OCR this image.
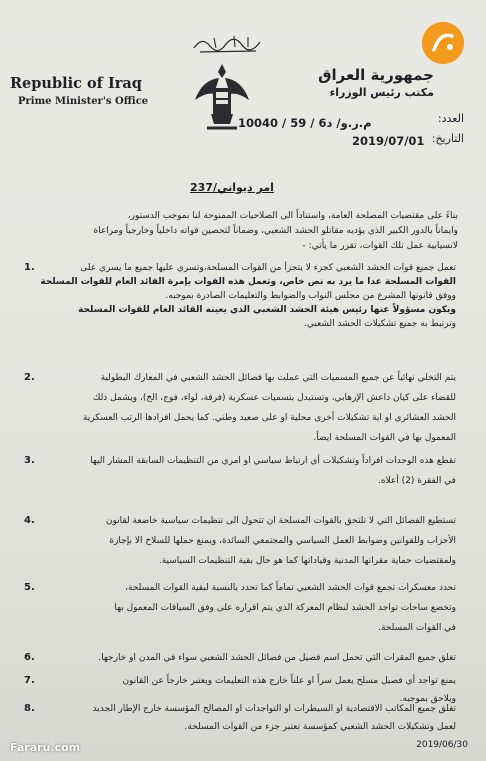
Republic of Iraq
Prime Minister's Office
جمهورية العراق
مكتب رئيس الوزراء
العدد:
م.ر.و/ د6 / 59 / 10040
التاريخ:
2019/07/01
امر ديواني/237
بناءً على مقتضيات المصلحة العامة، واستناداً الى الصلاحيات الممنوحة لنا بموجب الدستور،
وايماناً بالدور الكبير الذي يؤديه مقاتلو الحشد الشعبي، وضماناً لتحصين قواته داخلياً وخارجياً ومراعاة
لانسيابية عمل تلك القوات، تقرر ما يأتي: -
1.	تعمل جميع قوات الحشد الشعبي كجزء لا يتجزأ من القوات المسلحة،وتسري عليها جميع ما يسري على
القوات المسلحة عدا ما يرد به نص خاص، وتعمل هذه القوات بإمرة القائد العام للقوات المسلحة
ووفق قانونها المشرع من مجلس النواب والضوابط والتعليمات الصادرة بموجبه.
ويكون مسؤولاً عنها رئيس هيئة الحشد الشعبي الذي يعينه القائد العام للقوات المسلحة
وترتبط به جميع تشكيلات الحشد الشعبي.
2.	يتم التخلي نهائياً عن جميع المسميات التي عملت بها فصائل الحشد الشعبي في المعارك البطولية
للقضاء على كيان داعش الإرهابي، وتستبدل بتسميات عسكرية (فرقة، لواء، فوج، الخ)، ويشمل ذلك
الحشد العشائري او اية تشكيلات أخرى محلية او على صعيد وطني. كما يحمل افرادها الرتب العسكرية
المعمول بها في القوات المسلحة ايضاً.
3.	تقطع هذه الوحدات افراداً وتشكيلات أي ارتباط سياسي او امري من التنظيمات السابقة المشار اليها
في الفقرة (2) أعلاه.
4.	تستطيع الفصائل التي لا تلتحق بالقوات المسلحة ان تتحول الى تنظيمات سياسية خاضعة لقانون
الأحزاب وللقوانين وضوابط العمل السياسي والمجتمعي السائدة، ويمنع حملها للسلاح الا بإجازة
ولمقتضيات حماية مقراتها المدنية وقياداتها كما هو حال بقية التنظيمات السياسية.
5.	تحدد معسكرات تجمع قوات الحشد الشعبي تماماً كما تحدد بالنسبة لبقية القوات المسلحة،
وتخضع ساحات تواجد الحشد لنظام المعركة الذي يتم اقراره على وفق السياقات المعمول بها
في القوات المسلحة.
6.	تغلق جميع المقرات التي تحمل اسم فصيل من فصائل الحشد الشعبي سواء في المدن او خارجها.
7.	يمنع تواجد أي فصيل مسلح يعمل سراً او علناً خارج هذه التعليمات ويعتبر خارجاً عن القانون
ويلاحق بموجبه.
8.	تغلق جميع المكاتب الاقتصادية او السيطرات او التواجدات او المصالح المؤسسة خارج الإطار الجديد
لعمل وتشكيلات الحشد الشعبي كمؤسسة تعتبر جزء من القوات المسلحة.
2019/06/30
Fararu.com
